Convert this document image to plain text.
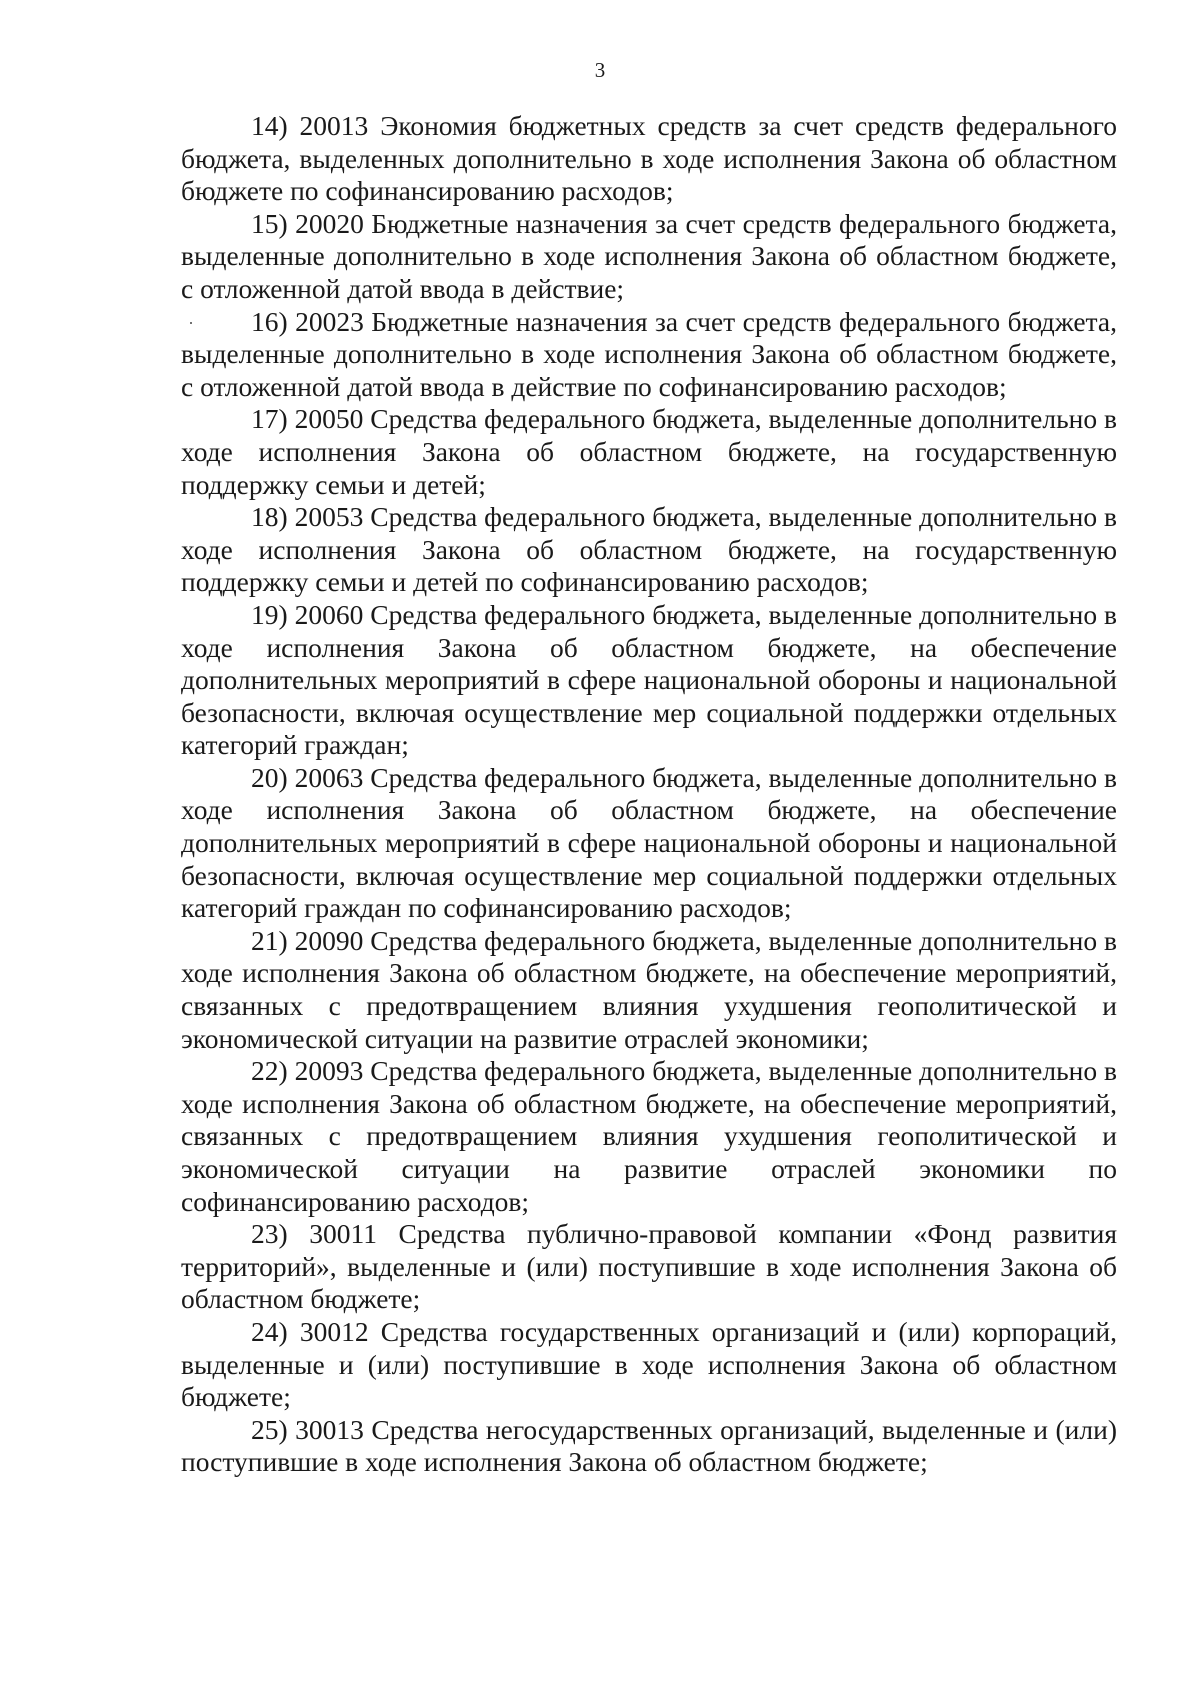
3

14) 20013 Экономия бюджетных средств за счет средств федерального бюджета, выделенных дополнительно в ходе исполнения Закона об областном бюджете по софинансированию расходов;

15) 20020 Бюджетные назначения за счет средств федерального бюджета, выделенные дополнительно в ходе исполнения Закона об областном бюджете, с отложенной датой ввода в действие;

16) 20023 Бюджетные назначения за счет средств федерального бюджета, выделенные дополнительно в ходе исполнения Закона об областном бюджете, с отложенной датой ввода в действие по софинансированию расходов;

17) 20050 Средства федерального бюджета, выделенные дополнительно в ходе исполнения Закона об областном бюджете, на государственную поддержку семьи и детей;

18) 20053 Средства федерального бюджета, выделенные дополнительно в ходе исполнения Закона об областном бюджете, на государственную поддержку семьи и детей по софинансированию расходов;

19) 20060 Средства федерального бюджета, выделенные дополнительно в ходе исполнения Закона об областном бюджете, на обеспечение дополнительных мероприятий в сфере национальной обороны и национальной безопасности, включая осуществление мер социальной поддержки отдельных категорий граждан;

20) 20063 Средства федерального бюджета, выделенные дополнительно в ходе исполнения Закона об областном бюджете, на обеспечение дополнительных мероприятий в сфере национальной обороны и национальной безопасности, включая осуществление мер социальной поддержки отдельных категорий граждан по софинансированию расходов;

21) 20090 Средства федерального бюджета, выделенные дополнительно в ходе исполнения Закона об областном бюджете, на обеспечение мероприятий, связанных с предотвращением влияния ухудшения геополитической и экономической ситуации на развитие отраслей экономики;

22) 20093 Средства федерального бюджета, выделенные дополнительно в ходе исполнения Закона об областном бюджете, на обеспечение мероприятий, связанных с предотвращением влияния ухудшения геополитической и экономической ситуации на развитие отраслей экономики по софинансированию расходов;

23) 30011 Средства публично-правовой компании «Фонд развития территорий», выделенные и (или) поступившие в ходе исполнения Закона об областном бюджете;

24) 30012 Средства государственных организаций и (или) корпораций, выделенные и (или) поступившие в ходе исполнения Закона об областном бюджете;

25) 30013 Средства негосударственных организаций, выделенные и (или) поступившие в ходе исполнения Закона об областном бюджете;
